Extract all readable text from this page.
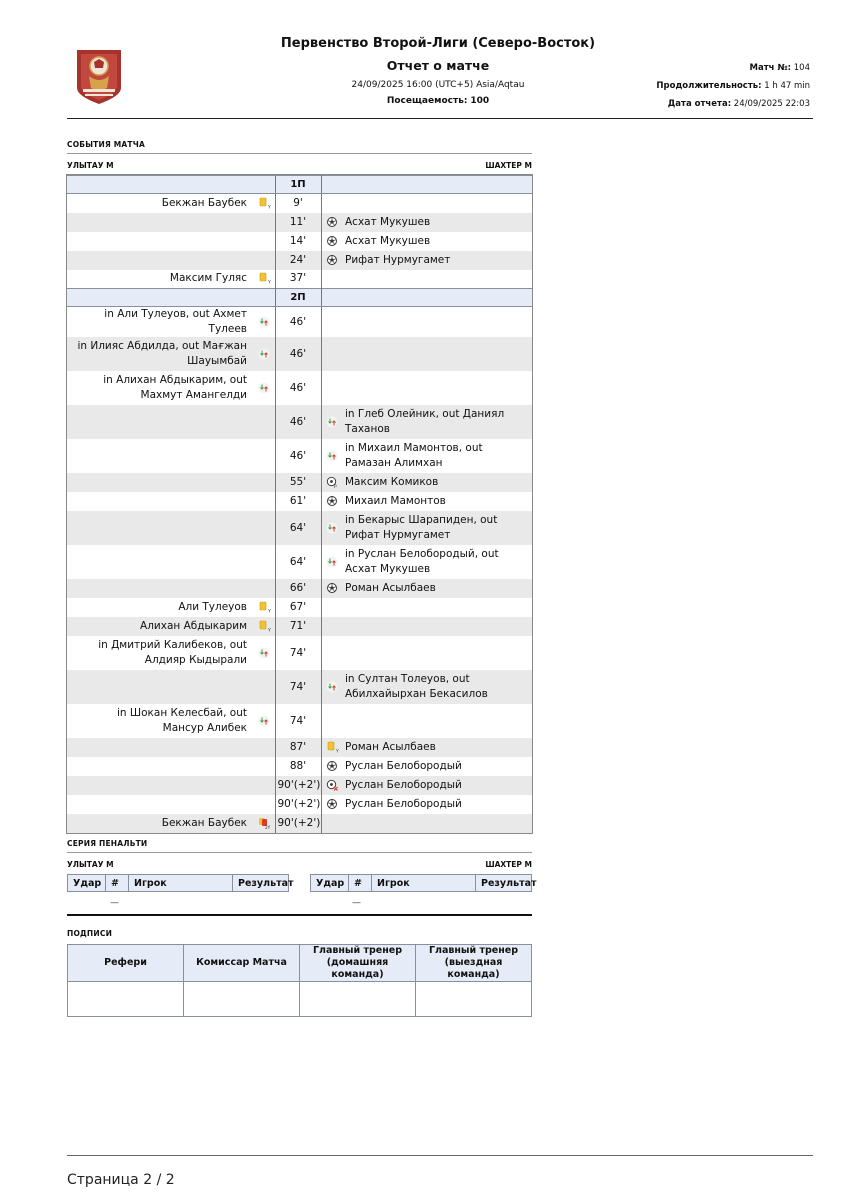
Первенство Второй-Лиги (Северо-Восток)
Отчет о матче
24/09/2025 16:00 (UTC+5) Asia/Aqtau
Посещаемость: 100
Матч №: 104
Продолжительность: 1 h 47 min
Дата отчета: 24/09/2025 22:03
СОБЫТИЯ МАТЧА
УЛЫТАУ М	ШАХТЕР М
		1П		
Бекжан Баубек	Y	9'		
		11'		Асхат Мукушев
		14'		Асхат Мукушев
		24'		Рифат Нурмугамет
Максим Гуляс	Y	37'		
		2П		
in Али Тулеуов, out Ахмет Тулеев		46'		
in Илияс Абдилда, out Мағжан Шауымбай		46'		
in Алихан Абдыкарим, out Махмут Амангелди		46'		
		46'		in Глеб Олейник, out Даниял Таханов
		46'		in Михаил Мамонтов, out Рамазан Алимхан
		55'	P	Максим Комиков
		61'		Михаил Мамонтов
		64'		in Бекарыс Шарапиден, out Рифат Нурмугамет
		64'		in Руслан Белобородый, out Асхат Мукушев
		66'		Роман Асылбаев
Али Тулеуов	Y	67'		
Алихан Абдыкарим	Y	71'		
in Дмитрий Калибеков, out Алдияр Кыдырали		74'		
		74'		in Султан Толеуов, out Абилхайырхан Бекасилов
in Шокан Келесбай, out Мансур Алибек		74'		
		87'	Y	Роман Асылбаев
		88'		Руслан Белобородый
		90'(+2')		Руслан Белобородый
		90'(+2')		Руслан Белобородый
Бекжан Баубек	2Y	90'(+2')		
СЕРИЯ ПЕНАЛЬТИ
УЛЫТАУ М	ШАХТЕР М
Удар	#	Игрок	Результат Удар	#	Игрок	Результат
—	—
ПОДПИСИ
Рефери	Комиссар Матча	Главный тренер (домашняя команда)	Главный тренер (выездная команда)

Страница 2 / 2
